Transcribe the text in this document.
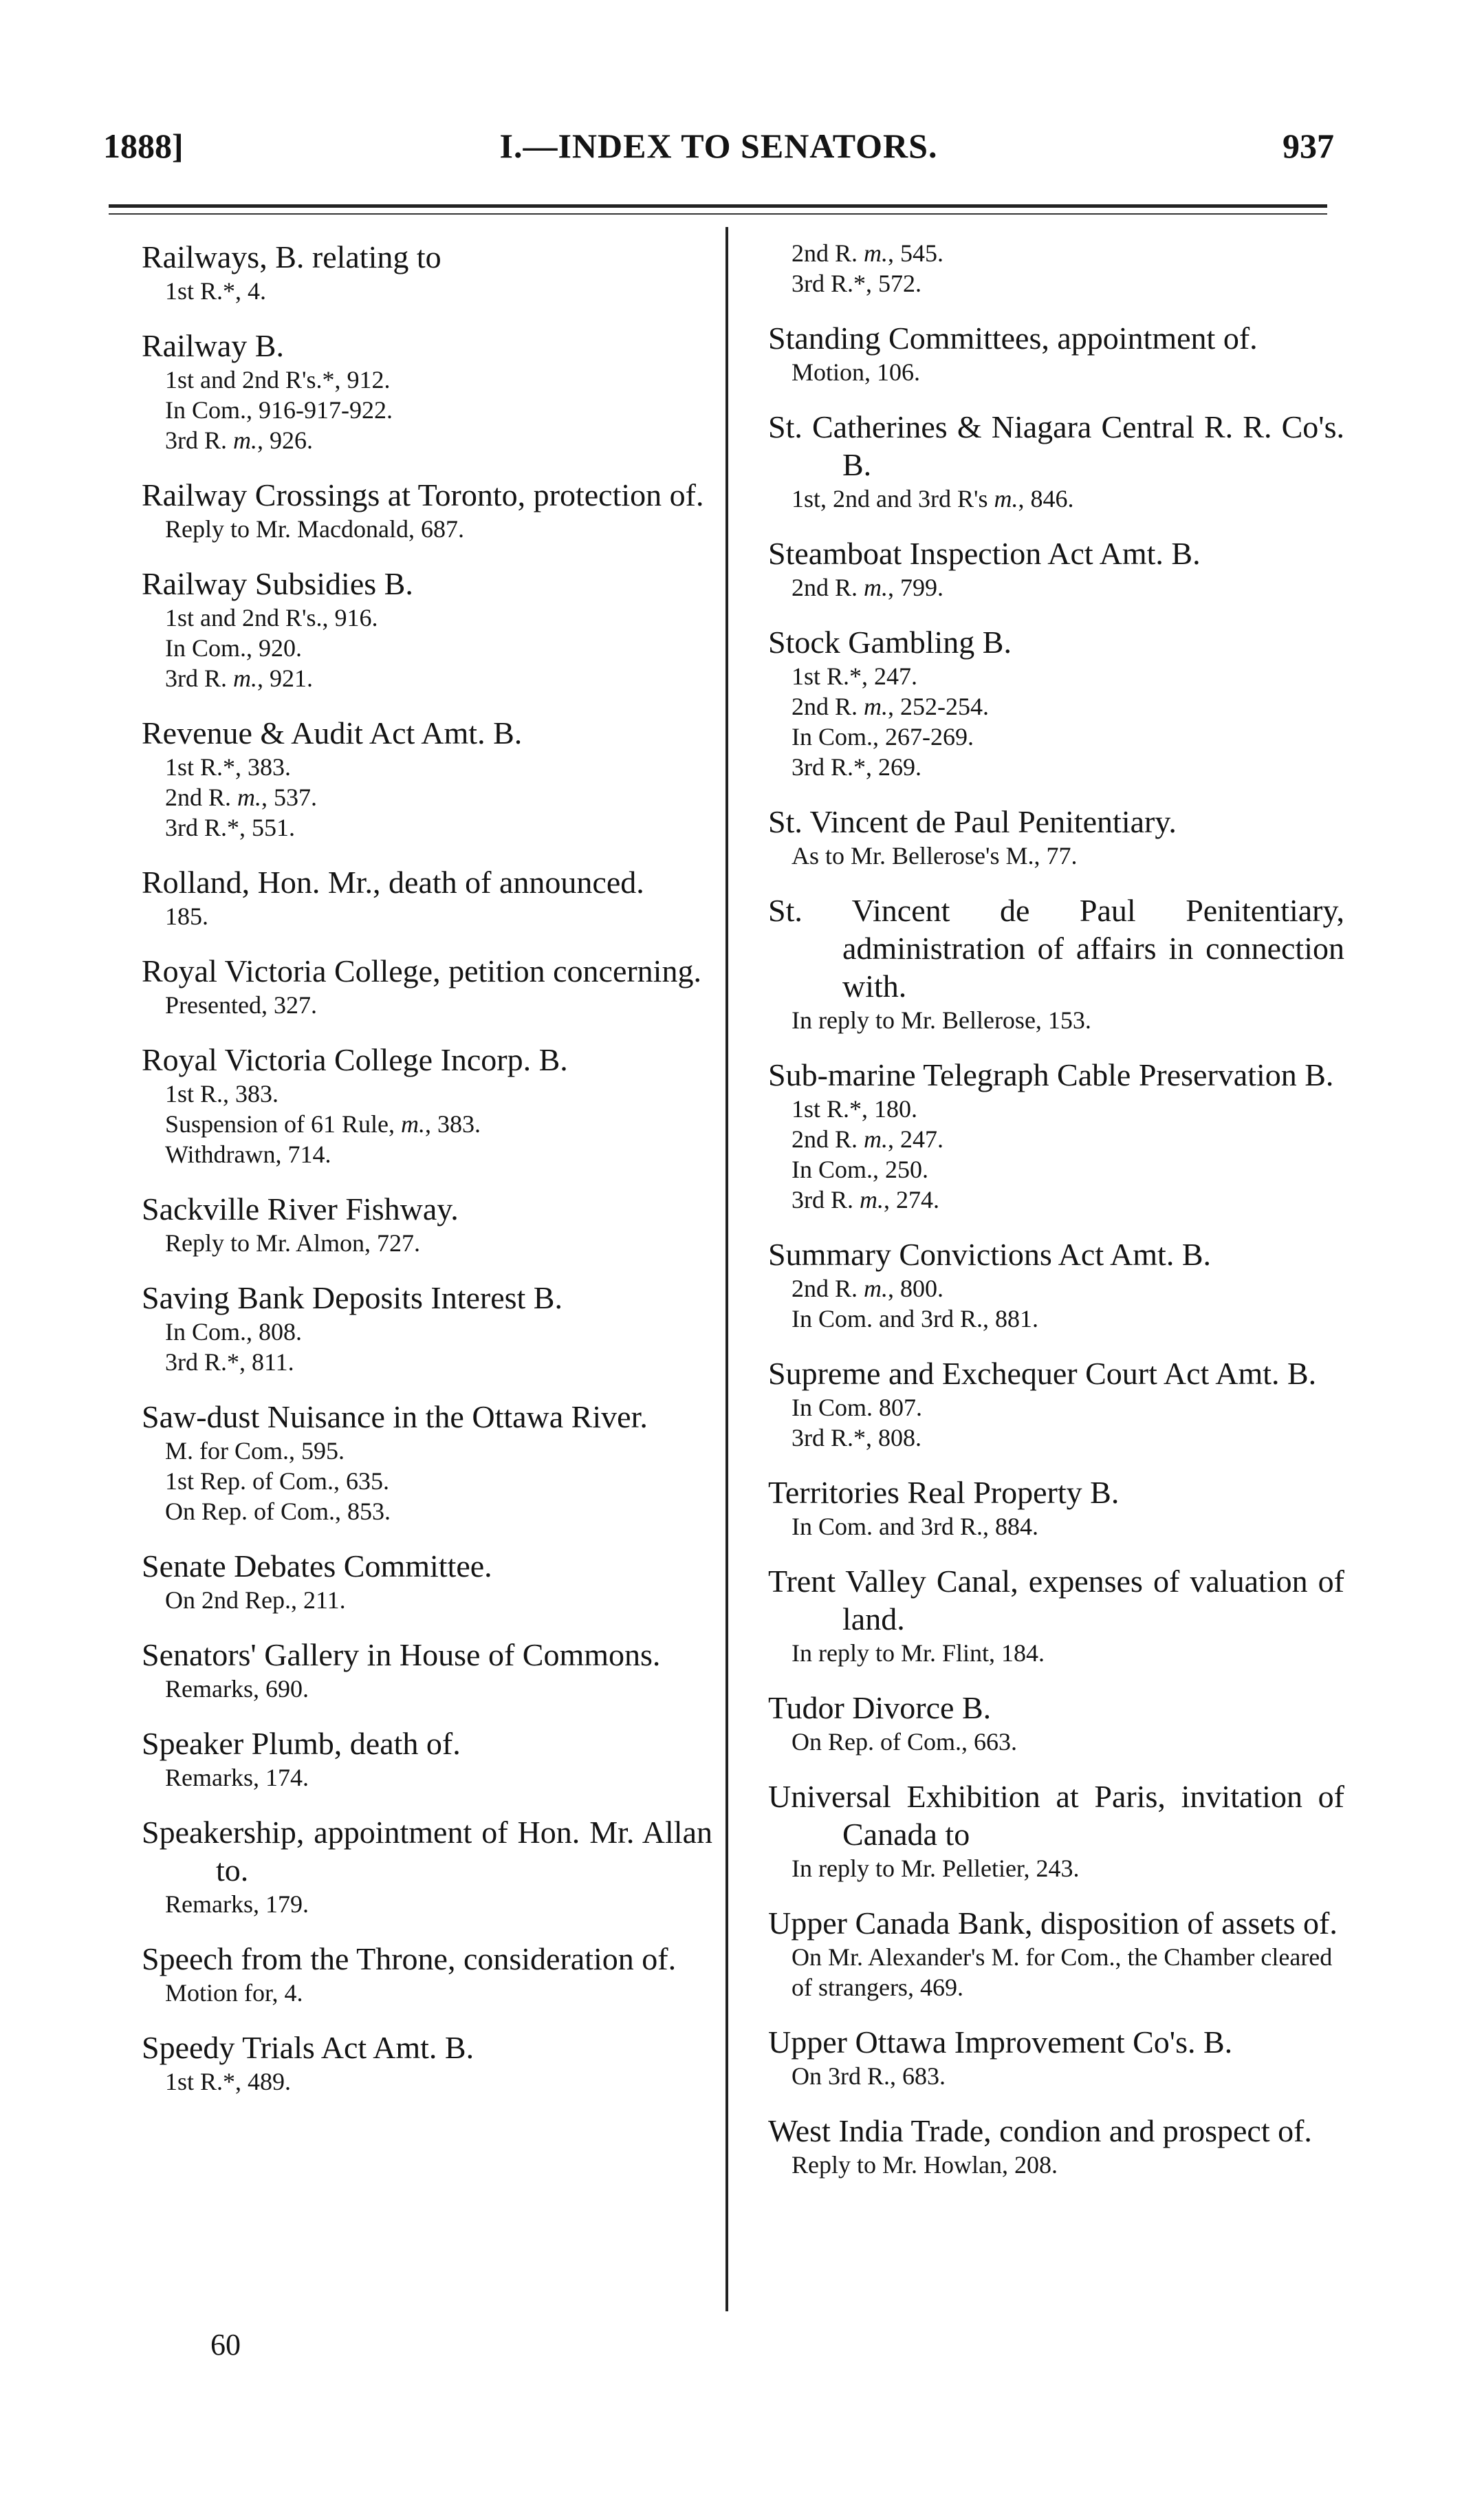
1888]	I.—INDEX TO SENATORS.	937
Railways, B. relating to
1st R.*, 4.
Railway B.
1st and 2nd R's.*, 912.
In Com., 916-917-922.
3rd R. m., 926.
Railway Crossings at Toronto, protection of.
Reply to Mr. Macdonald, 687.
Railway Subsidies B.
1st and 2nd R's., 916.
In Com., 920.
3rd R. m., 921.
Revenue & Audit Act Amt. B.
1st R.*, 383.
2nd R. m., 537.
3rd R.*, 551.
Rolland, Hon. Mr., death of announced.
185.
Royal Victoria College, petition concerning.
Presented, 327.
Royal Victoria College Incorp. B.
1st R., 383.
Suspension of 61 Rule, m., 383.
Withdrawn, 714.
Sackville River Fishway.
Reply to Mr. Almon, 727.
Saving Bank Deposits Interest B.
In Com., 808.
3rd R.*, 811.
Saw-dust Nuisance in the Ottawa River.
M. for Com., 595.
1st Rep. of Com., 635.
On Rep. of Com., 853.
Senate Debates Committee.
On 2nd Rep., 211.
Senators' Gallery in House of Commons.
Remarks, 690.
Speaker Plumb, death of.
Remarks, 174.
Speakership, appointment of Hon. Mr. Allan to.
Remarks, 179.
Speech from the Throne, consideration of.
Motion for, 4.
Speedy Trials Act Amt. B.
1st R.*, 489.
2nd R. m., 545.
3rd R.*, 572.
Standing Committees, appointment of.
Motion, 106.
St. Catherines & Niagara Central R. R. Co's. B.
1st, 2nd and 3rd R's m., 846.
Steamboat Inspection Act Amt. B.
2nd R. m., 799.
Stock Gambling B.
1st R.*, 247.
2nd R. m., 252-254.
In Com., 267-269.
3rd R.*, 269.
St. Vincent de Paul Penitentiary.
As to Mr. Bellerose's M., 77.
St. Vincent de Paul Penitentiary, administration of affairs in connection with.
In reply to Mr. Bellerose, 153.
Sub-marine Telegraph Cable Preservation B.
1st R.*, 180.
2nd R. m., 247.
In Com., 250.
3rd R. m., 274.
Summary Convictions Act Amt. B.
2nd R. m., 800.
In Com. and 3rd R., 881.
Supreme and Exchequer Court Act Amt. B.
In Com. 807.
3rd R.*, 808.
Territories Real Property B.
In Com. and 3rd R., 884.
Trent Valley Canal, expenses of valuation of land.
In reply to Mr. Flint, 184.
Tudor Divorce B.
On Rep. of Com., 663.
Universal Exhibition at Paris, invitation of Canada to
In reply to Mr. Pelletier, 243.
Upper Canada Bank, disposition of assets of.
On Mr. Alexander's M. for Com., the Chamber cleared of strangers, 469.
Upper Ottawa Improvement Co's. B.
On 3rd R., 683.
West India Trade, condion and prospect of.
Reply to Mr. Howlan, 208.
60
